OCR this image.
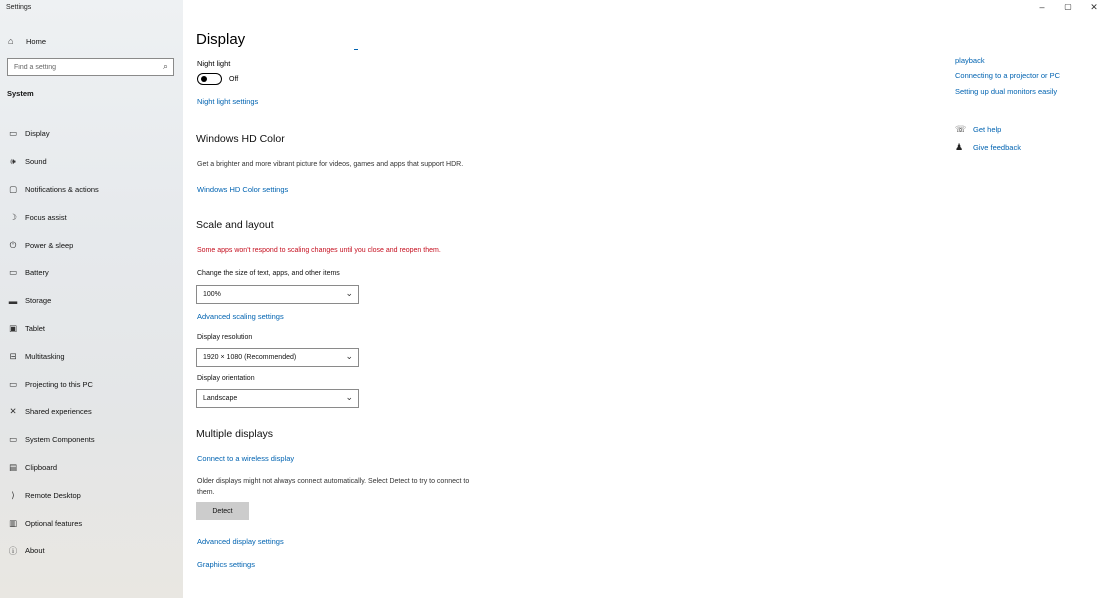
Settings
⌂	Home
Find a setting
⌕
System
▭ Display
🕪	Sound
▢ Notifications & actions
☽ Focus assist
⏻	Power & sleep
▭ Battery
▬ Storage
▣ Tablet
⊟	Multitasking
▭ Projecting to this PC
✕	Shared experiences
▭ System Components
▤ Clipboard
⟩	Remote Desktop
▥ Optional features
ⓘ About
Display
Night light
Off
Night light settings
Windows HD Color
Get a brighter and more vibrant picture for videos, games and apps that support HDR.
Windows HD Color settings
Scale and layout
Some apps won't respond to scaling changes until you close and reopen them.
Change the size of text, apps, and other items
100%	⌄
Advanced scaling settings
Display resolution
1920 × 1080 (Recommended)	⌄
Display orientation
Landscape	⌄
Multiple displays
Connect to a wireless display
Older displays might not always connect automatically. Select Detect to try to connect to them.
Detect
Advanced display settings
Graphics settings
playback
Connecting to a projector or PC
Setting up dual monitors easily
☏ Get help
♟	Give feedback
–	▢ ✕
